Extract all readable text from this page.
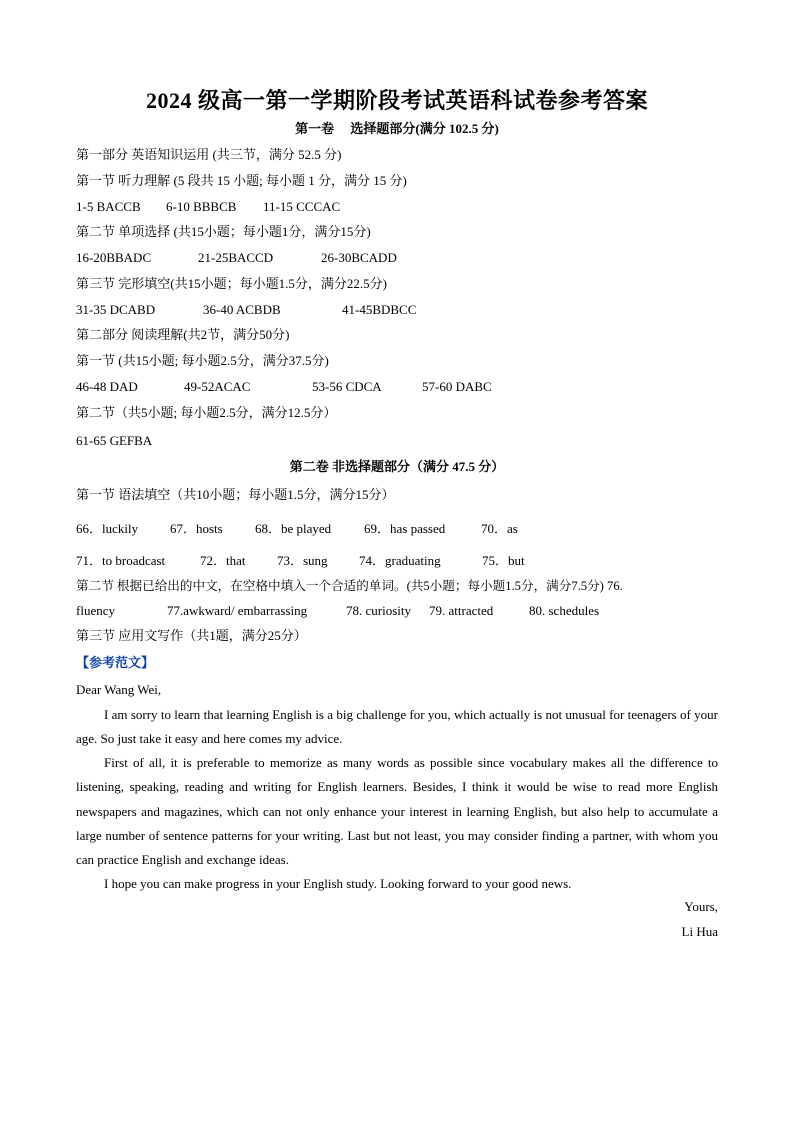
2024 级高一第一学期阶段考试英语科试卷参考答案
第一卷　 选择题部分(满分 102.5 分)
第一部分 英语知识运用 (共三节，满分 52.5 分)
第一节 听力理解 (5 段共 15 小题; 每小题 1 分，满分 15 分)
1-5 BACCB 6-10 BBBCB 11-15 CCCAC
第二节 单项选择 (共15小题；每小题1分，满分15分)
16-20BBADC	21-25BACCD	26-30BCADD
第三节 完形填空(共15小题；每小题1.5分，满分22.5分)
31-35 DCABD	36-40 ACBDB	41-45BDBCC
第二部分 阅读理解(共2节，满分50分)
第一节 (共15小题; 每小题2.5分，满分37.5分)
46-48 DAD	49-52ACAC	53-56 CDCA	57-60 DABC
第二节（共5小题; 每小题2.5分，满分12.5分）
61-65 GEFBA
第二卷 非选择题部分（满分 47.5 分）
第一节 语法填空（共10小题；每小题1.5分，满分15分）
66．luckily 67．hosts 68．be played	69．has passed	70．as
71．to broadcast	72．that 73．sung 74．graduating	75．but
第二节 根据已给出的中文，在空格中填入一个合适的单词。(共5小题；每小题1.5分，满分7.5分) 76.
fluency	77.awkward/ embarrassing	78. curiosity 79. attracted	80. schedules
第三节 应用文写作（共1题，满分25分）
【参考范文】
Dear Wang Wei,
I am sorry to learn that learning English is a big challenge for you, which actually is not unusual for teenagers of your age. So just take it easy and here comes my advice.
First of all, it is preferable to memorize as many words as possible since vocabulary makes all the difference to listening, speaking, reading and writing for English learners. Besides, I think it would be wise to read more English newspapers and magazines, which can not only enhance your interest in learning English, but also help to accumulate a large number of sentence patterns for your writing. Last but not least, you may consider finding a partner, with whom you can practice English and exchange ideas.
I hope you can make progress in your English study. Looking forward to your good news.
Yours,
Li Hua
